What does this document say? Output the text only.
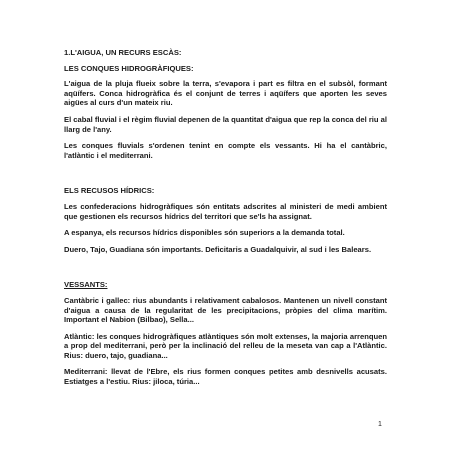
1.L'AIGUA, UN RECURS ESCÀS:

LES CONQUES HIDROGRÀFIQUES:

L'aigua de la pluja flueix sobre la terra, s'evapora i part es filtra en el subsòl, formant aqüífers. Conca hidrogràfica és el conjunt de terres i aqüífers que aporten les seves aigües al curs d'un mateix riu.

El cabal fluvial i el règim fluvial depenen de la quantitat d'aigua que rep la conca del riu al llarg de l'any.

Les conques fluvials s'ordenen tenint en compte els vessants. Hi ha el cantàbric, l'atlàntic i el mediterrani.

ELS RECUSOS HÍDRICS:

Les confederacions hidrogràfiques són entitats adscrites al ministeri de medi ambient que gestionen els recursos hídrics del territori que se'ls ha assignat.

A espanya, els recursos hídrics disponibles són superiors a la demanda total.

Duero, Tajo, Guadiana són importants. Deficitaris a Guadalquivir, al sud i les Balears.

VESSANTS:

Cantàbric i gallec: rius abundants i relativament cabalosos. Mantenen un nivell constant d'aigua a causa de la regularitat de les precipitacions, pròpies del clima marítim. Important el Nabion (Bilbao), Sella...

Atlàntic: les conques hidrogràfiques atlàntiques són molt extenses, la majoria arrenquen a prop del mediterrani, però per la inclinació del relleu de la meseta van cap a l'Atlàntic. Rius: duero, tajo, guadiana...

Mediterrani: llevat de l'Ebre, els rius formen conques petites amb desnivells acusats. Estiatges a l'estiu. Rius: jiloca, túria...

1
